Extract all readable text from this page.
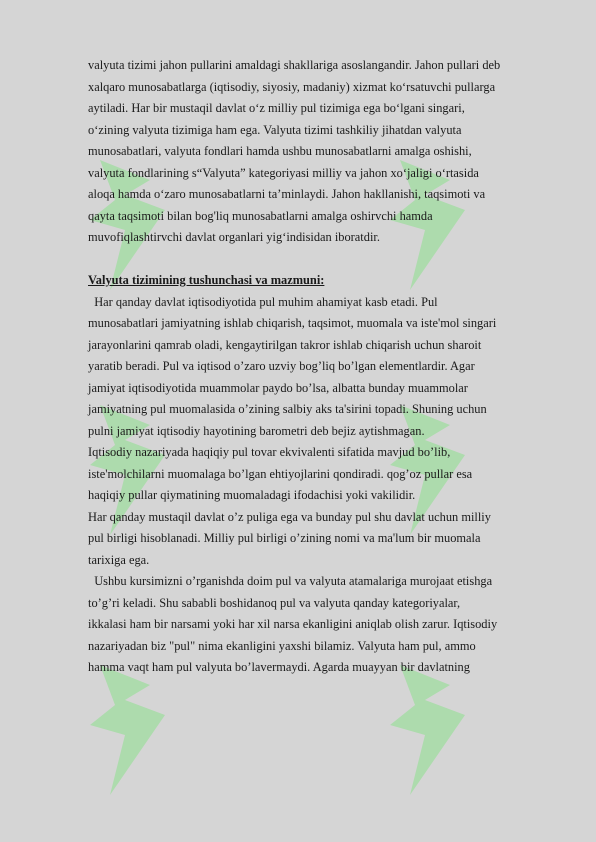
valyuta tizimi jahon pullarini amaldagi shakllariga asoslangandir. Jahon pullari deb
xalqaro munosabatlarga (iqtisodiy, siyosiy, madaniy) xizmat ko‘rsatuvchi pullarga
aytiladi. Har bir mustaqil davlat o‘z milliy pul tizimiga ega bo‘lgani singari,
o‘zining valyuta tizimiga ham ega. Valyuta tizimi tashkiliy jihatdan valyuta
munosabatlari, valyuta fondlari hamda ushbu munosabatlarni amalga oshishi,
valyuta fondlarining s“Valyuta” kategoriyasi milliy va jahon xo‘jaligi o‘rtasida
aloqa hamda o‘zaro munosabatlarni ta’minlaydi. Jahon hakllanishi, taqsimoti va
qayta taqsimoti bilan bog'liq munosabatlarni amalga oshirvchi hamda
muvofiqlashtirvchi davlat organlari yig‘indisidan iboratdir.
Valyuta tizimining tushunchasi va mazmuni:
Har qanday davlat iqtisodiyotida pul muhim ahamiyat kasb etadi. Pul
munosabatlari jamiyatning ishlab chiqarish, taqsimot, muomala va iste'mol singari
jarayonlarini qamrab oladi, kengaytirilgan takror ishlab chiqarish uchun sharoit
yaratib beradi. Pul va iqtisod o’zaro uzviy bog’liq bo’lgan elementlardir. Agar
jamiyat iqtisodiyotida muammolar paydo bo’lsa, albatta bunday muammolar
jamiyatning pul muomalasida o’zining salbiy aks ta'sirini topadi. Shuning uchun
pulni jamiyat iqtisodiy hayotining barometri deb bejiz aytishmagan.
Iqtisodiy nazariyada haqiqiy pul tovar ekvivalenti sifatida mavjud bo’lib,
iste'molchilarni muomalaga bo’lgan ehtiyojlarini qondiradi. qog’oz pullar esa
haqiqiy pullar qiymatining muomaladagi ifodachisi yoki vakilidir.
Har qanday mustaqil davlat o’z puliga ega va bunday pul shu davlat uchun milliy
pul birligi hisoblanadi. Milliy pul birligi o’zining nomi va ma'lum bir muomala
tarixiga ega.
Ushbu kursimizni o’rganishda doim pul va valyuta atamalariga murojaat etishga
to’g’ri keladi. Shu sababli boshidanoq pul va valyuta qanday kategoriyalar,
ikkalasi ham bir narsami yoki har xil narsa ekanligini aniqlab olish zarur. Iqtisodiy
nazariyadan biz "pul" nima ekanligini yaxshi bilamiz. Valyuta ham pul, ammo
hamma vaqt ham pul valyuta bo’lavermaydi. Agarda muayyan bir davlatning
